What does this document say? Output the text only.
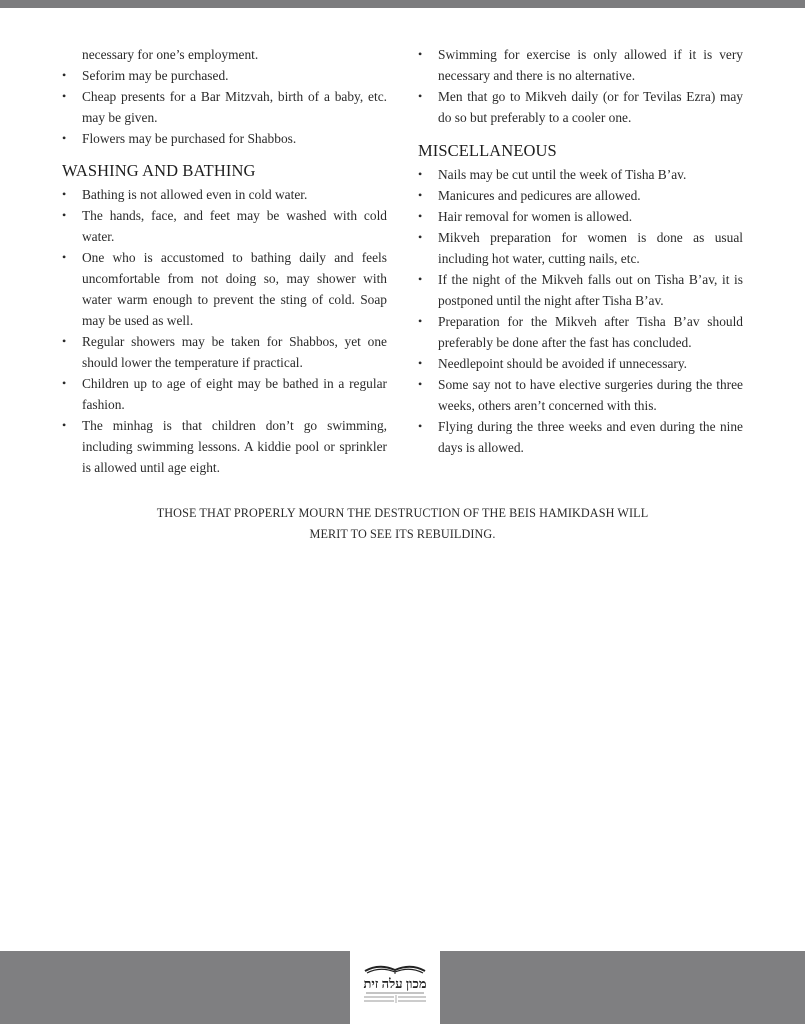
necessary for one’s employment.
• Seforim may be purchased.
• Cheap presents for a Bar Mitzvah, birth of a baby, etc. may be given.
• Flowers may be purchased for Shabbos.
WASHING AND BATHING
• Bathing is not allowed even in cold water.
• The hands, face, and feet may be washed with cold water.
• One who is accustomed to bathing daily and feels uncomfortable from not doing so, may shower with water warm enough to prevent the sting of cold. Soap may be used as well.
• Regular showers may be taken for Shabbos, yet one should lower the temperature if practical.
• Children up to age of eight may be bathed in a regular fashion.
• The minhag is that children don’t go swimming, including swimming lessons. A kiddie pool or sprinkler is allowed until age eight.
• Swimming for exercise is only allowed if it is very necessary and there is no alternative.
• Men that go to Mikveh daily (or for Tevilas Ezra) may do so but preferably to a cooler one.
MISCELLANEOUS
• Nails may be cut until the week of Tisha B’av.
• Manicures and pedicures are allowed.
• Hair removal for women is allowed.
• Mikveh preparation for women is done as usual including hot water, cutting nails, etc.
• If the night of the Mikveh falls out on Tisha B’av, it is postponed until the night after Tisha B’av.
• Preparation for the Mikveh after Tisha B’av should preferably be done after the fast has concluded.
• Needlepoint should be avoided if unnecessary.
• Some say not to have elective surgeries during the three weeks, others aren’t concerned with this.
• Flying during the three weeks and even during the nine days is allowed.
THOSE THAT PROPERLY MOURN THE DESTRUCTION OF THE BEIS HAMIKDASH WILL
MERIT TO SEE ITS REBUILDING.
מכון עלה זית
